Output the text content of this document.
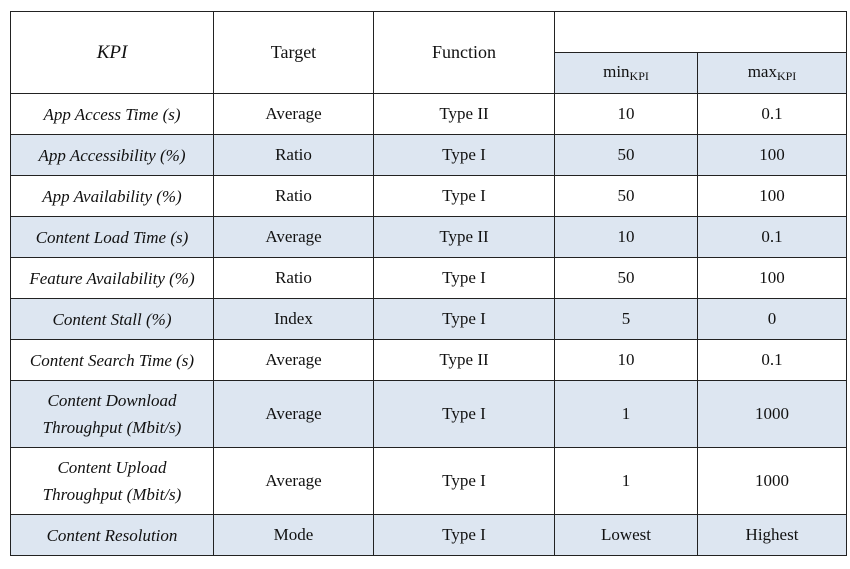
KPI	Target	Function		
			$\min_{KPI}$	$\max_{KPI}$
App Access Time (s)	Average	Type II	10	0.1
App Accessibility (%)	Ratio	Type I	50	100
App Availability (%)	Ratio	Type I	50	100
Content Load Time (s)	Average	Type II	10	0.1
Feature Availability (%)	Ratio	Type I	50	100
Content Stall (%)	Index	Type I	5	0
Content Search Time (s)	Average	Type II	10	0.1
Content Download
Throughput (Mbit/s)	Average	Type I	1	1000
Content Upload
Throughput (Mbit/s)	Average	Type I	1	1000
Content Resolution	Mode	Type I	Lowest	Highest
